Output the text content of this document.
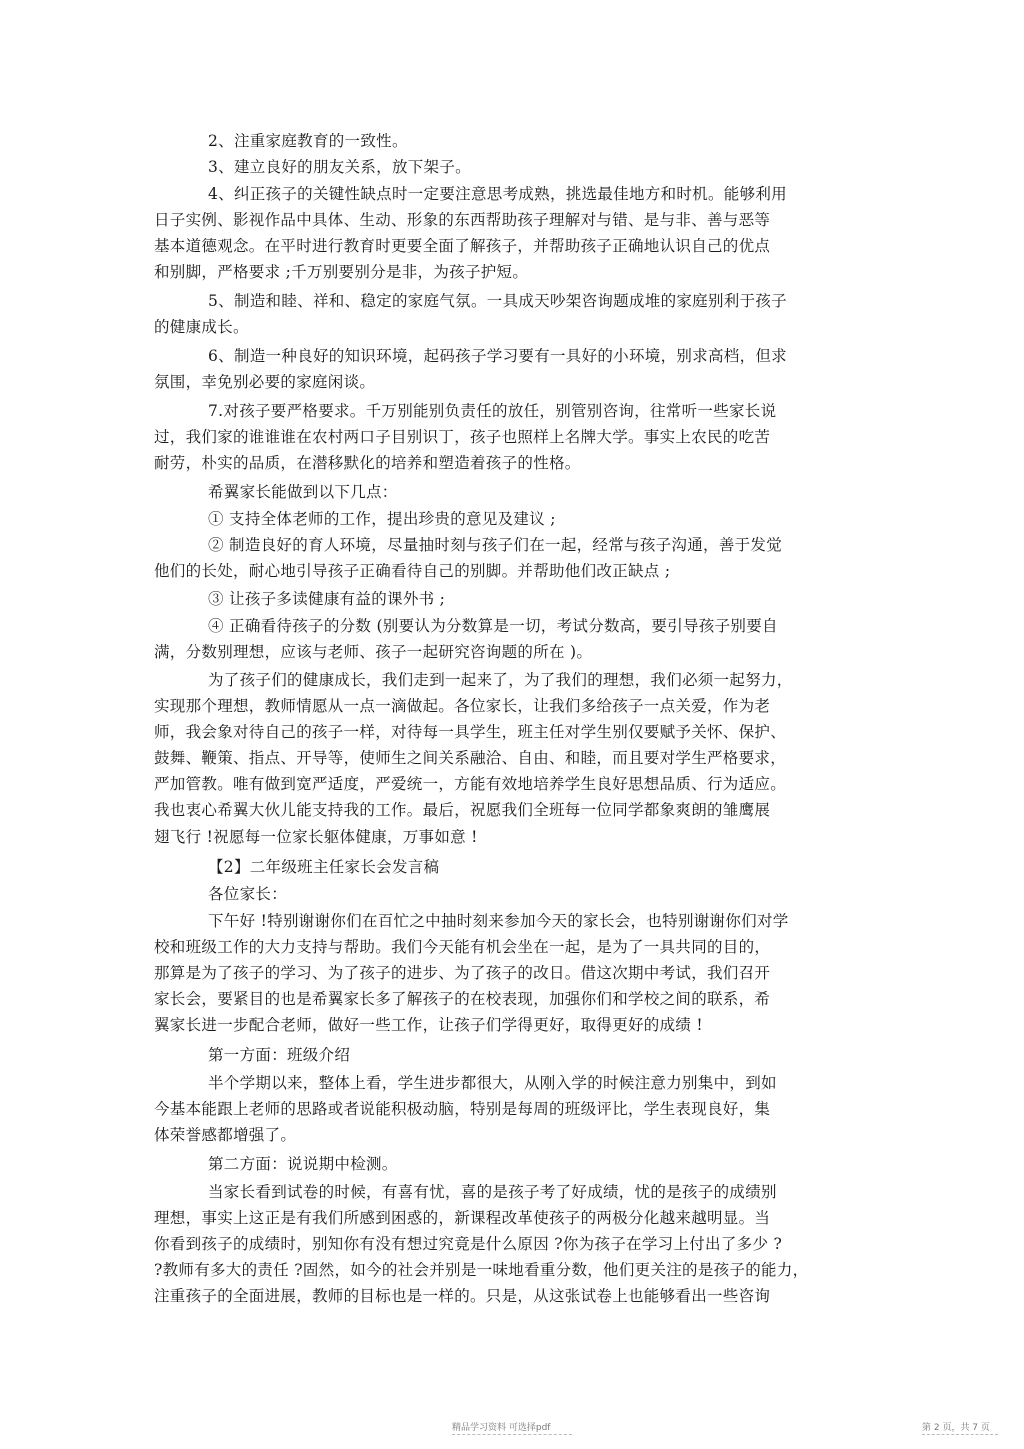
2、注重家庭教育的一致性。
3、建立良好的朋友关系，放下架子。
4、纠正孩子的关键性缺点时一定要注意思考成熟，挑选最佳地方和时机。能够利用
日子实例、影视作品中具体、生动、形象的东西帮助孩子理解对与错、是与非、善与恶等
基本道德观念。在平时进行教育时更要全面了解孩子，并帮助孩子正确地认识自己的优点
和别脚，严格要求 ;千万别要别分是非，为孩子护短。
5、制造和睦、祥和、稳定的家庭气氛。一具成天吵架咨询题成堆的家庭别利于孩子
的健康成长。
6、制造一种良好的知识环境，起码孩子学习要有一具好的小环境，别求高档，但求
氛围，幸免别必要的家庭闲谈。
7.对孩子要严格要求。千万别能别负责任的放任，别管别咨询，往常听一些家长说
过，我们家的谁谁谁在农村两口子目别识丁，孩子也照样上名牌大学。事实上农民的吃苦
耐劳，朴实的品质，在潜移默化的培养和塑造着孩子的性格。
希翼家长能做到以下几点：
① 支持全体老师的工作，提出珍贵的意见及建议 ;
② 制造良好的育人环境，尽量抽时刻与孩子们在一起，经常与孩子沟通，善于发觉
他们的长处，耐心地引导孩子正确看待自己的别脚。并帮助他们改正缺点 ;
③ 让孩子多读健康有益的课外书 ;
④ 正确看待孩子的分数 (别要认为分数算是一切，考试分数高，要引导孩子别要自
满，分数别理想，应该与老师、孩子一起研究咨询题的所在 )。
为了孩子们的健康成长，我们走到一起来了，为了我们的理想，我们必须一起努力，
实现那个理想，教师情愿从一点一滴做起。各位家长，让我们多给孩子一点关爱，作为老
师，我会象对待自己的孩子一样，对待每一具学生，班主任对学生别仅要赋予关怀、保护、
鼓舞、鞭策、指点、开导等，使师生之间关系融洽、自由、和睦，而且要对学生严格要求，
严加管教。唯有做到宽严适度，严爱统一，方能有效地培养学生良好思想品质、行为适应。
我也衷心希翼大伙儿能支持我的工作。最后，祝愿我们全班每一位同学都象爽朗的雏鹰展
翅飞行 !祝愿每一位家长躯体健康，万事如意 !
【2】二年级班主任家长会发言稿
各位家长：
下午好 !特别谢谢你们在百忙之中抽时刻来参加今天的家长会，也特别谢谢你们对学
校和班级工作的大力支持与帮助。我们今天能有机会坐在一起，是为了一具共同的目的，
那算是为了孩子的学习、为了孩子的进步、为了孩子的改日。借这次期中考试，我们召开
家长会，要紧目的也是希翼家长多了解孩子的在校表现，加强你们和学校之间的联系，希
翼家长进一步配合老师，做好一些工作，让孩子们学得更好，取得更好的成绩 !
第一方面：班级介绍
半个学期以来，整体上看，学生进步都很大，从刚入学的时候注意力别集中，到如
今基本能跟上老师的思路或者说能积极动脑，特别是每周的班级评比，学生表现良好，集
体荣誉感都增强了。
第二方面：说说期中检测。
当家长看到试卷的时候，有喜有忧，喜的是孩子考了好成绩，忧的是孩子的成绩别
理想，事实上这正是有我们所感到困惑的，新课程改革使孩子的两极分化越来越明显。当
你看到孩子的成绩时，别知你有没有想过究竟是什么原因 ?你为孩子在学习上付出了多少 ?
?教师有多大的责任 ?固然，如今的社会并别是一味地看重分数，他们更关注的是孩子的能力，
注重孩子的全面进展，教师的目标也是一样的。只是，从这张试卷上也能够看出一些咨询
精品学习资料 可选择pdf	第 2 页，共 7 页
